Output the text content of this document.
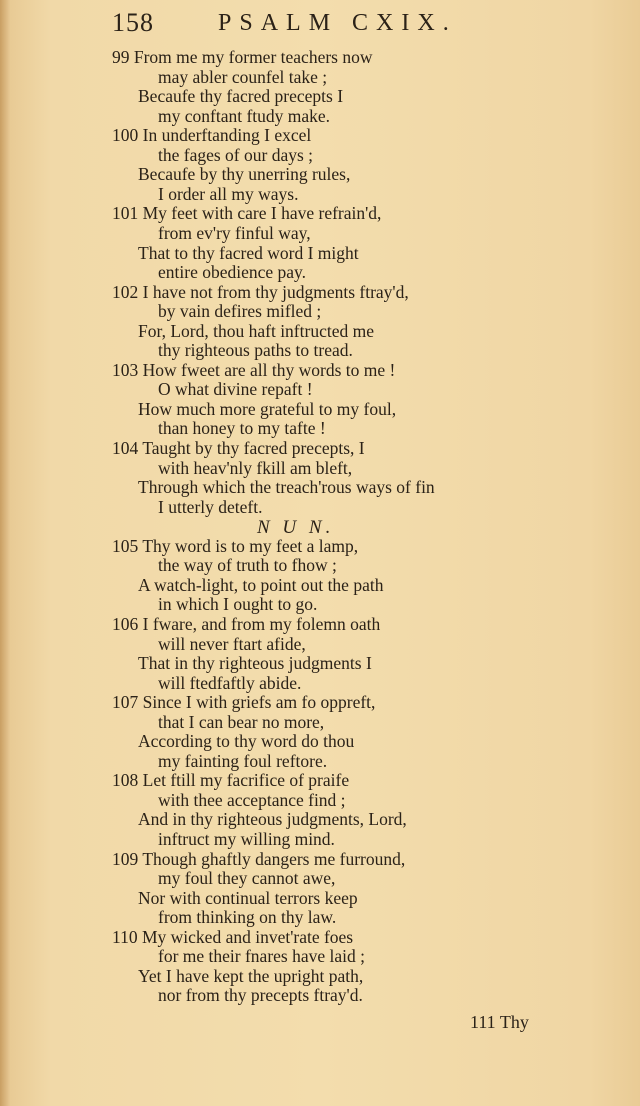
158	PSALM CXIX.
99 From me my former teachers now
may abler counfel take ;
Becaufe thy facred precepts I
my conftant ftudy make.
100 In underftanding I excel
the fages of our days ;
Becaufe by thy unerring rules,
I order all my ways.
101 My feet with care I have refrain'd,
from ev'ry finful way,
That to thy facred word I might
entire obedience pay.
102 I have not from thy judgments ftray'd,
by vain defires mifled ;
For, Lord, thou haft inftructed me
thy righteous paths to tread.
103 How fweet are all thy words to me !
O what divine repaft !
How much more grateful to my foul,
than honey to my tafte !
104 Taught by thy facred precepts, I
with heav'nly fkill am bleft,
Through which the treach'rous ways of fin
I utterly deteft.
N U N.
105 Thy word is to my feet a lamp,
the way of truth to fhow ;
A watch-light, to point out the path
in which I ought to go.
106 I fware, and from my folemn oath
will never ftart afide,
That in thy righteous judgments I
will ftedfaftly abide.
107 Since I with griefs am fo oppreft,
that I can bear no more,
According to thy word do thou
my fainting foul reftore.
108 Let ftill my facrifice of praife
with thee acceptance find ;
And in thy righteous judgments, Lord,
inftruct my willing mind.
109 Though ghaftly dangers me furround,
my foul they cannot awe,
Nor with continual terrors keep
from thinking on thy law.
110 My wicked and invet'rate foes
for me their fnares have laid ;
Yet I have kept the upright path,
nor from thy precepts ftray'd.
111 Thy
